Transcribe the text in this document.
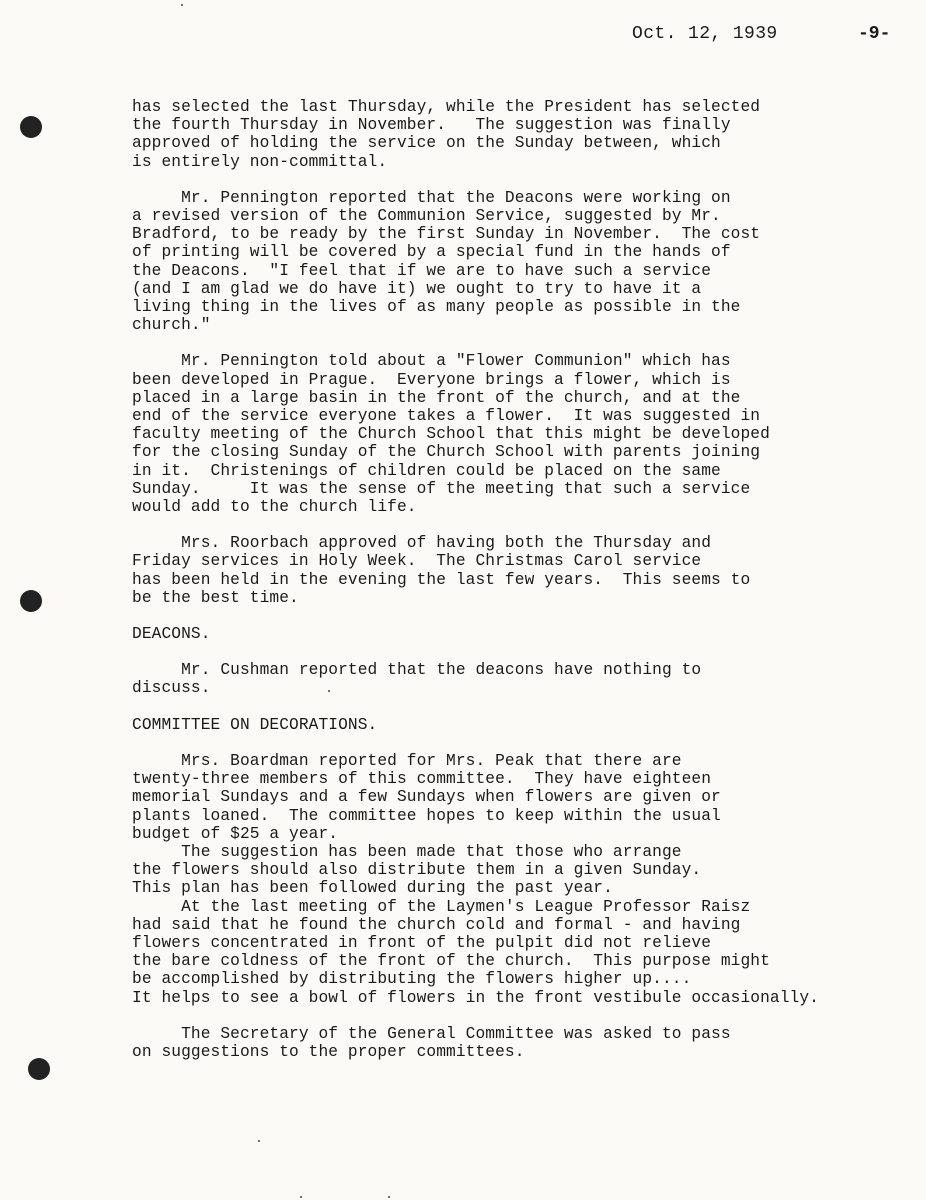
Oct. 12, 1939	-9-
has selected the last Thursday, while the President has selected
the fourth Thursday in November.   The suggestion was finally
approved of holding the service on the Sunday between, which
is entirely non-committal.
Mr. Pennington reported that the Deacons were working on
a revised version of the Communion Service, suggested by Mr.
Bradford, to be ready by the first Sunday in November.  The cost
of printing will be covered by a special fund in the hands of
the Deacons.  "I feel that if we are to have such a service
(and I am glad we do have it) we ought to try to have it a
living thing in the lives of as many people as possible in the
church."
Mr. Pennington told about a "Flower Communion" which has
been developed in Prague.  Everyone brings a flower, which is
placed in a large basin in the front of the church, and at the
end of the service everyone takes a flower.  It was suggested in
faculty meeting of the Church School that this might be developed
for the closing Sunday of the Church School with parents joining
in it.  Christenings of children could be placed on the same
Sunday.     It was the sense of the meeting that such a service
would add to the church life.
Mrs. Roorbach approved of having both the Thursday and
Friday services in Holy Week.  The Christmas Carol service
has been held in the evening the last few years.  This seems to
be the best time.
DEACONS.
Mr. Cushman reported that the deacons have nothing to
discuss.
COMMITTEE ON DECORATIONS.
Mrs. Boardman reported for Mrs. Peak that there are
twenty-three members of this committee.  They have eighteen
memorial Sundays and a few Sundays when flowers are given or
plants loaned.  The committee hopes to keep within the usual
budget of $25 a year.
The suggestion has been made that those who arrange
the flowers should also distribute them in a given Sunday.
This plan has been followed during the past year.
At the last meeting of the Laymen's League Professor Raisz
had said that he found the church cold and formal - and having
flowers concentrated in front of the pulpit did not relieve
the bare coldness of the front of the church.  This purpose might
be accomplished by distributing the flowers higher up....
It helps to see a bowl of flowers in the front vestibule occasionally.
The Secretary of the General Committee was asked to pass
on suggestions to the proper committees.
